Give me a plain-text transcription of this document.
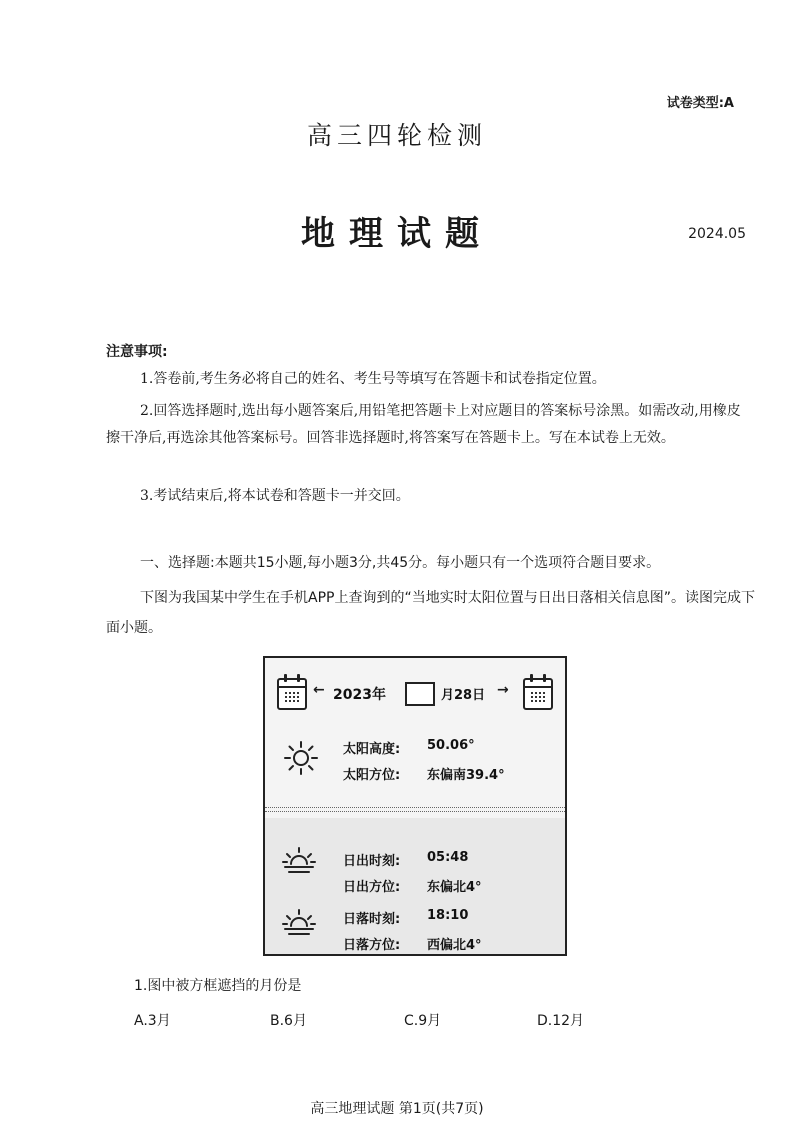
试卷类型:A
高三四轮检测
地理试题	2024.05
注意事项:
1.答卷前,考生务必将自己的姓名、考生号等填写在答题卡和试卷指定位置。
2.回答选择题时,选出每小题答案后,用铅笔把答题卡上对应题目的答案标号涂黑。如需改动,用橡皮擦干净后,再选涂其他答案标号。回答非选择题时,将答案写在答题卡上。写在本试卷上无效。
3.考试结束后,将本试卷和答题卡一并交回。
一、选择题:本题共15小题,每小题3分,共45分。每小题只有一个选项符合题目要求。
下图为我国某中学生在手机APP上查询到的“当地实时太阳位置与日出日落相关信息图”。读图完成下面小题。
← 2023年	月28日 →
太阳高度: 50.06°
太阳方位: 东偏南39.4°
日出时刻: 05:48
日出方位: 东偏北4°
日落时刻: 18:10
日落方位: 西偏北4°
1.图中被方框遮挡的月份是
A.3月	B.6月	C.9月	D.12月
高三地理试题 第1页(共7页)
